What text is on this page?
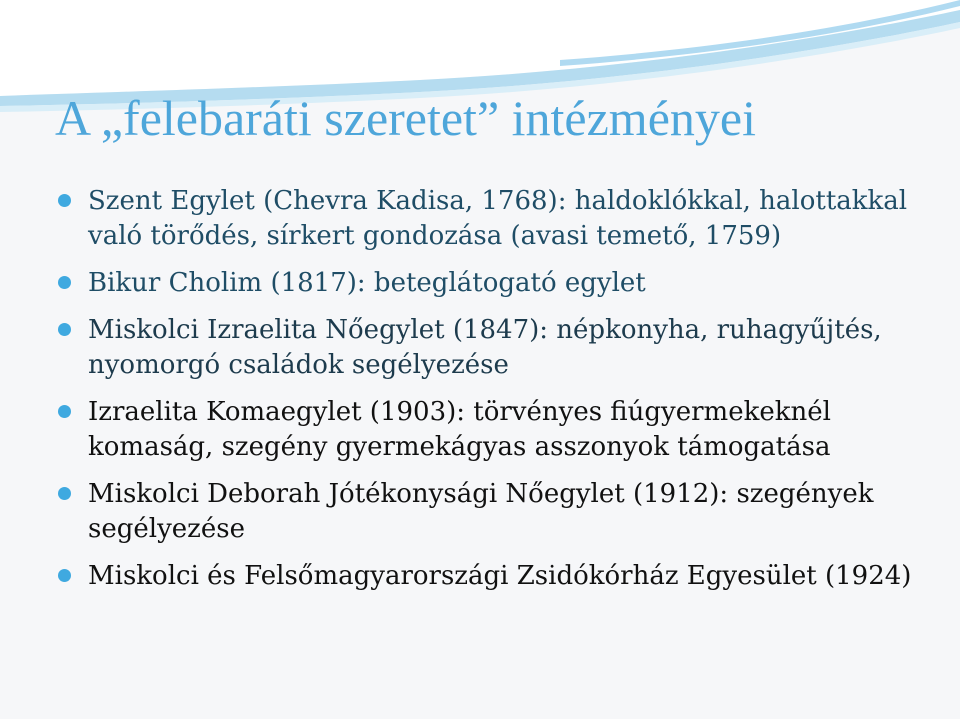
A „felebaráti szeretet” intézményei
Szent Egylet (Chevra Kadisa, 1768): haldoklókkal, halottakkal való törődés, sírkert gondozása (avasi temető, 1759)
Bikur Cholim (1817): beteglátogató egylet
Miskolci Izraelita Nőegylet (1847): népkonyha, ruhagyűjtés, nyomorgó családok segélyezése
Izraelita Komaegylet (1903): törvényes fiúgyermekeknél komaság, szegény gyermekágyas asszonyok támogatása
Miskolci Deborah Jótékonysági Nőegylet (1912): szegények segélyezése
Miskolci és Felsőmagyarországi Zsidókórház Egyesület (1924)
